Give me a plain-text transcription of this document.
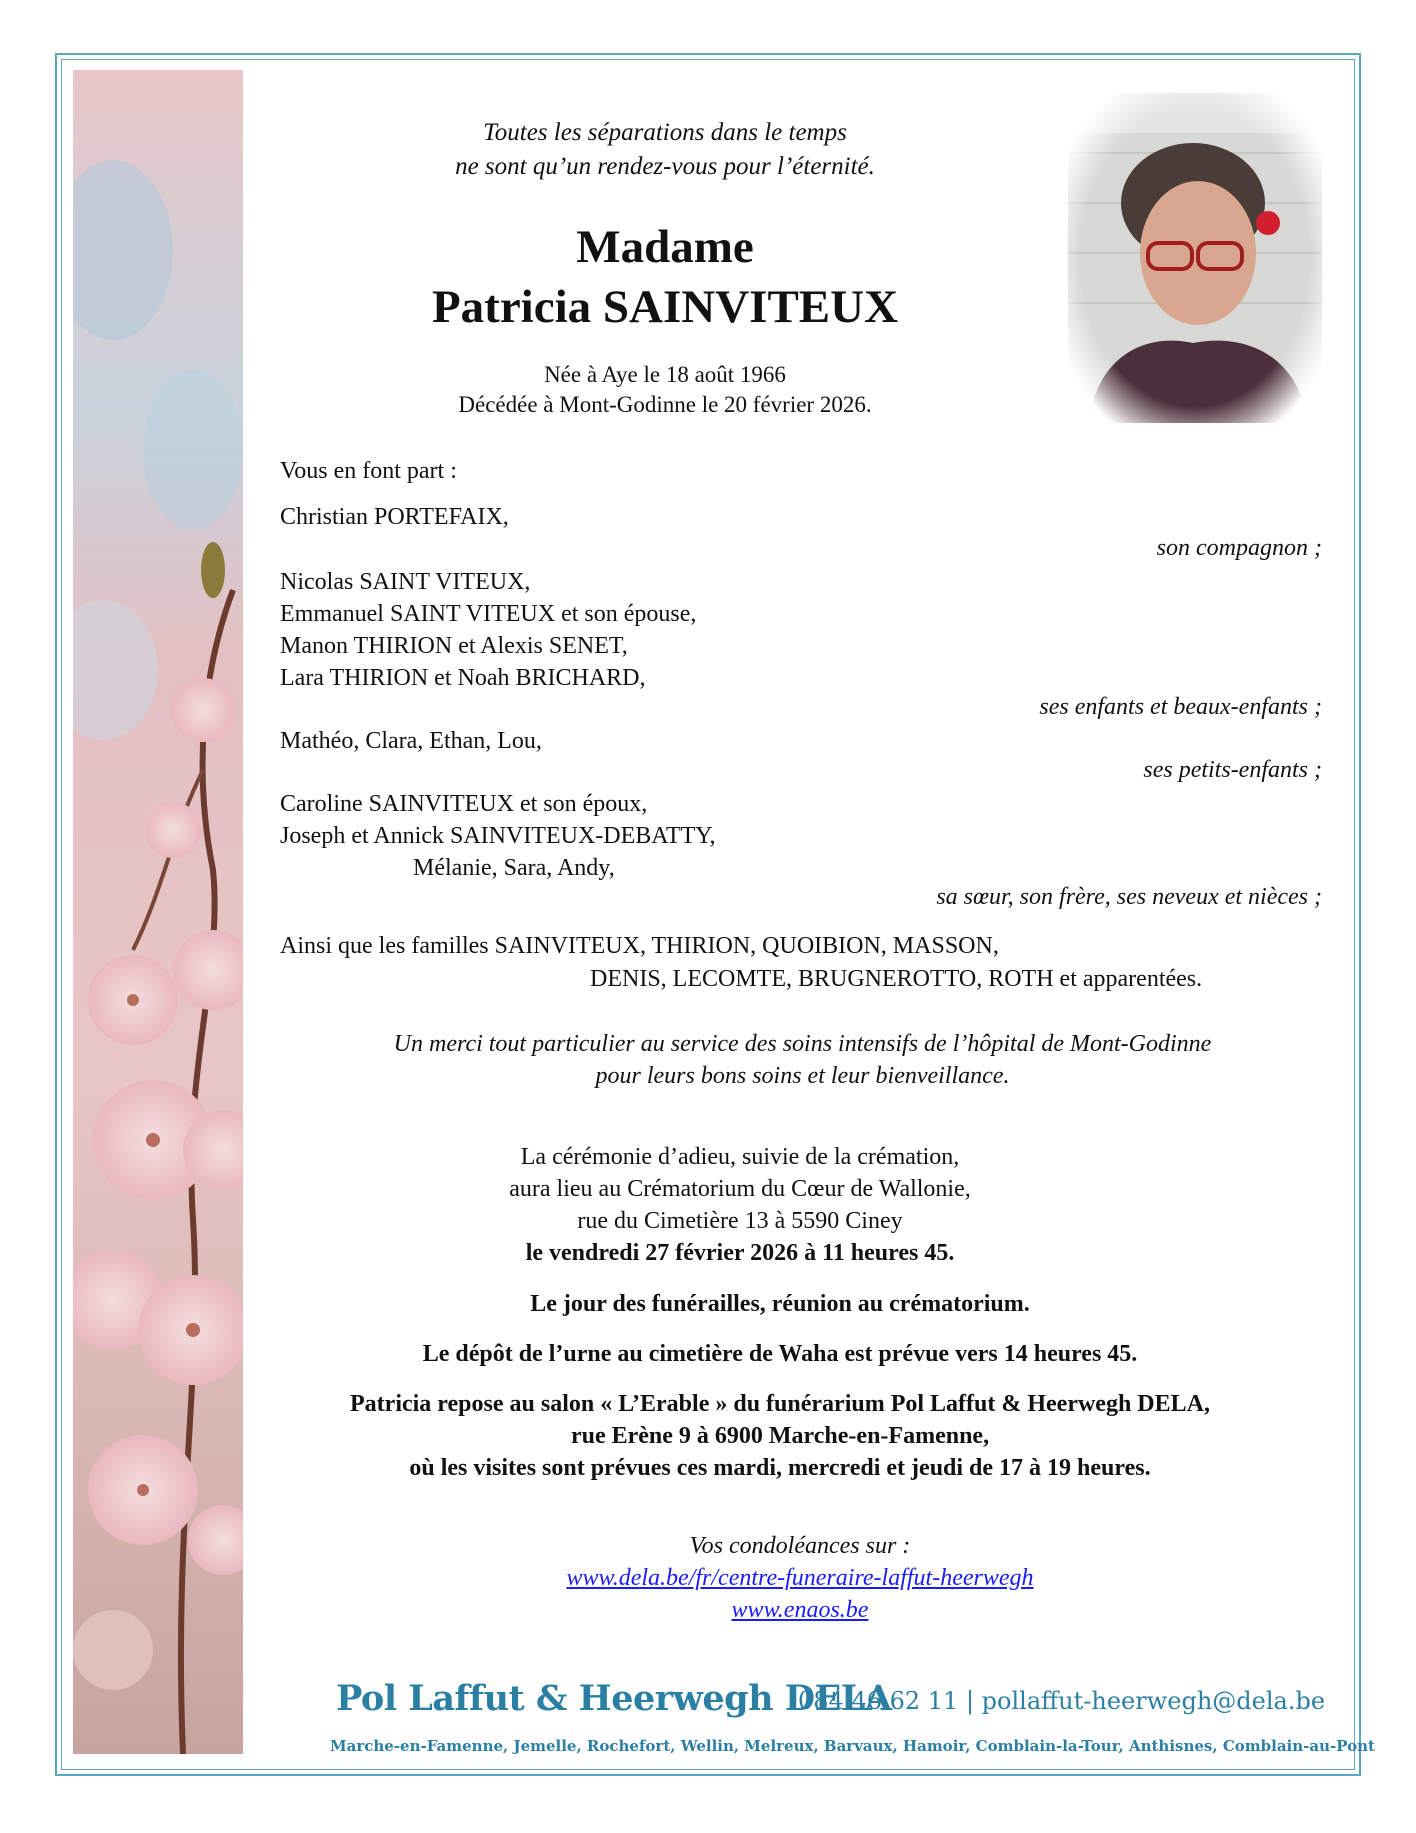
Toutes les séparations dans le temps
ne sont qu’un rendez-vous pour l’éternité.
Madame
Patricia SAINVITEUX
Née à Aye le 18 août 1966
Décédée à Mont-Godinne le 20 février 2026.
Vous en font part :
Christian PORTEFAIX,
son compagnon ;
Nicolas SAINT VITEUX,
Emmanuel SAINT VITEUX et son épouse,
Manon THIRION et Alexis SENET,
Lara THIRION et Noah BRICHARD,
ses enfants et beaux-enfants ;
Mathéo, Clara, Ethan, Lou,
ses petits-enfants ;
Caroline SAINVITEUX et son époux,
Joseph et Annick SAINVITEUX-DEBATTY,
Mélanie, Sara, Andy,
sa sœur, son frère, ses neveux et nièces ;
Ainsi que les familles SAINVITEUX, THIRION, QUOIBION, MASSON,
DENIS, LECOMTE, BRUGNEROTTO, ROTH et apparentées.
Un merci tout particulier au service des soins intensifs de l’hôpital de Mont-Godinne
pour leurs bons soins et leur bienveillance.
La cérémonie d’adieu, suivie de la crémation,
aura lieu au Crématorium du Cœur de Wallonie,
rue du Cimetière 13 à 5590 Ciney
le vendredi 27 février 2026 à 11 heures 45.
Le jour des funérailles, réunion au crématorium.
Le dépôt de l’urne au cimetière de Waha est prévue vers 14 heures 45.
Patricia repose au salon « L’Erable » du funérarium Pol Laffut & Heerwegh DELA,
rue Erène 9 à 6900 Marche-en-Famenne,
où les visites sont prévues ces mardi, mercredi et jeudi de 17 à 19 heures.
Vos condoléances sur :
www.dela.be/fr/centre-funeraire-laffut-heerwegh
www.enaos.be
Pol Laffut & Heerwegh DELA
084 46 62 11 | pollaffut-heerwegh@dela.be
Marche-en-Famenne, Jemelle, Rochefort, Wellin, Melreux, Barvaux, Hamoir, Comblain-la-Tour, Anthisnes, Comblain-au-Pont
